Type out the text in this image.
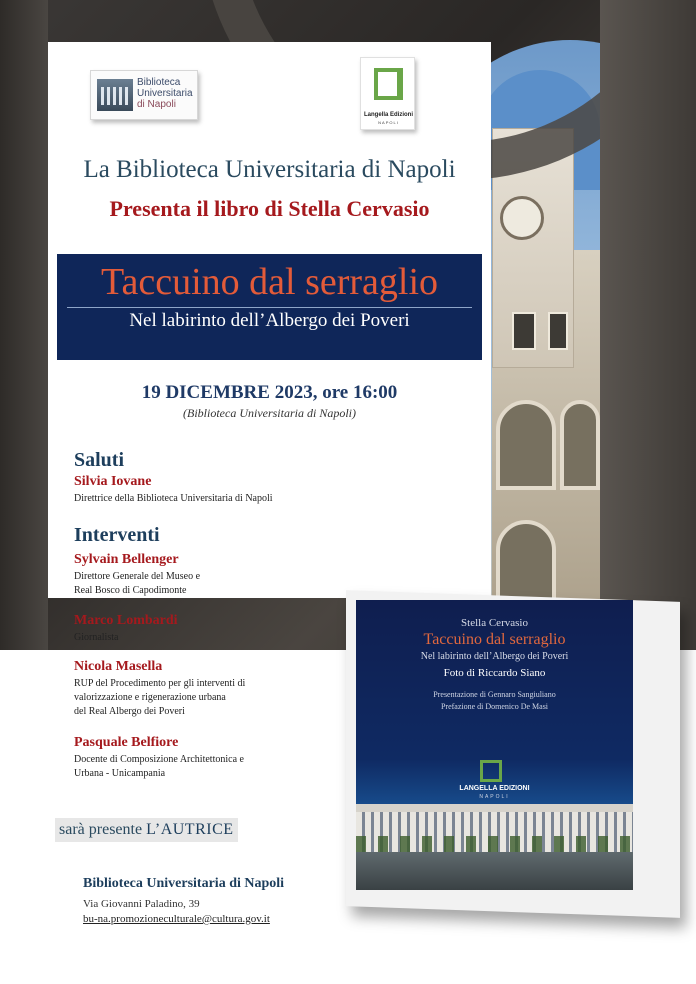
Biblioteca
Universitaria
di Napoli
Langella Edizioni
NAPOLI
La Biblioteca Universitaria di Napoli
Presenta il libro di Stella Cervasio
Taccuino dal serraglio
Nel labirinto dell’Albergo dei Poveri
19 DICEMBRE 2023, ore 16:00
(Biblioteca Universitaria di Napoli)
Saluti
Silvia Iovane
Direttrice della Biblioteca Universitaria di Napoli
Interventi
Sylvain Bellenger
Direttore Generale del Museo e
Real Bosco di Capodimonte
Marco Lombardi
Giornalista
Nicola Masella
RUP del Procedimento per gli interventi di
valorizzazione e rigenerazione urbana
del Real Albergo dei Poveri
Pasquale Belfiore
Docente di Composizione Architettonica e
Urbana - Unicampania
sarà presente L’AUTRICE
Biblioteca Universitaria di Napoli
Via Giovanni Paladino, 39
bu-na.promozioneculturale@cultura.gov.it
Stella Cervasio
Taccuino dal serraglio
Nel labirinto dell’Albergo dei Poveri
Foto di Riccardo Siano
Presentazione di Gennaro Sangiuliano
Prefazione di Domenico De Masi
LANGELLA EDIZIONI
NAPOLI
